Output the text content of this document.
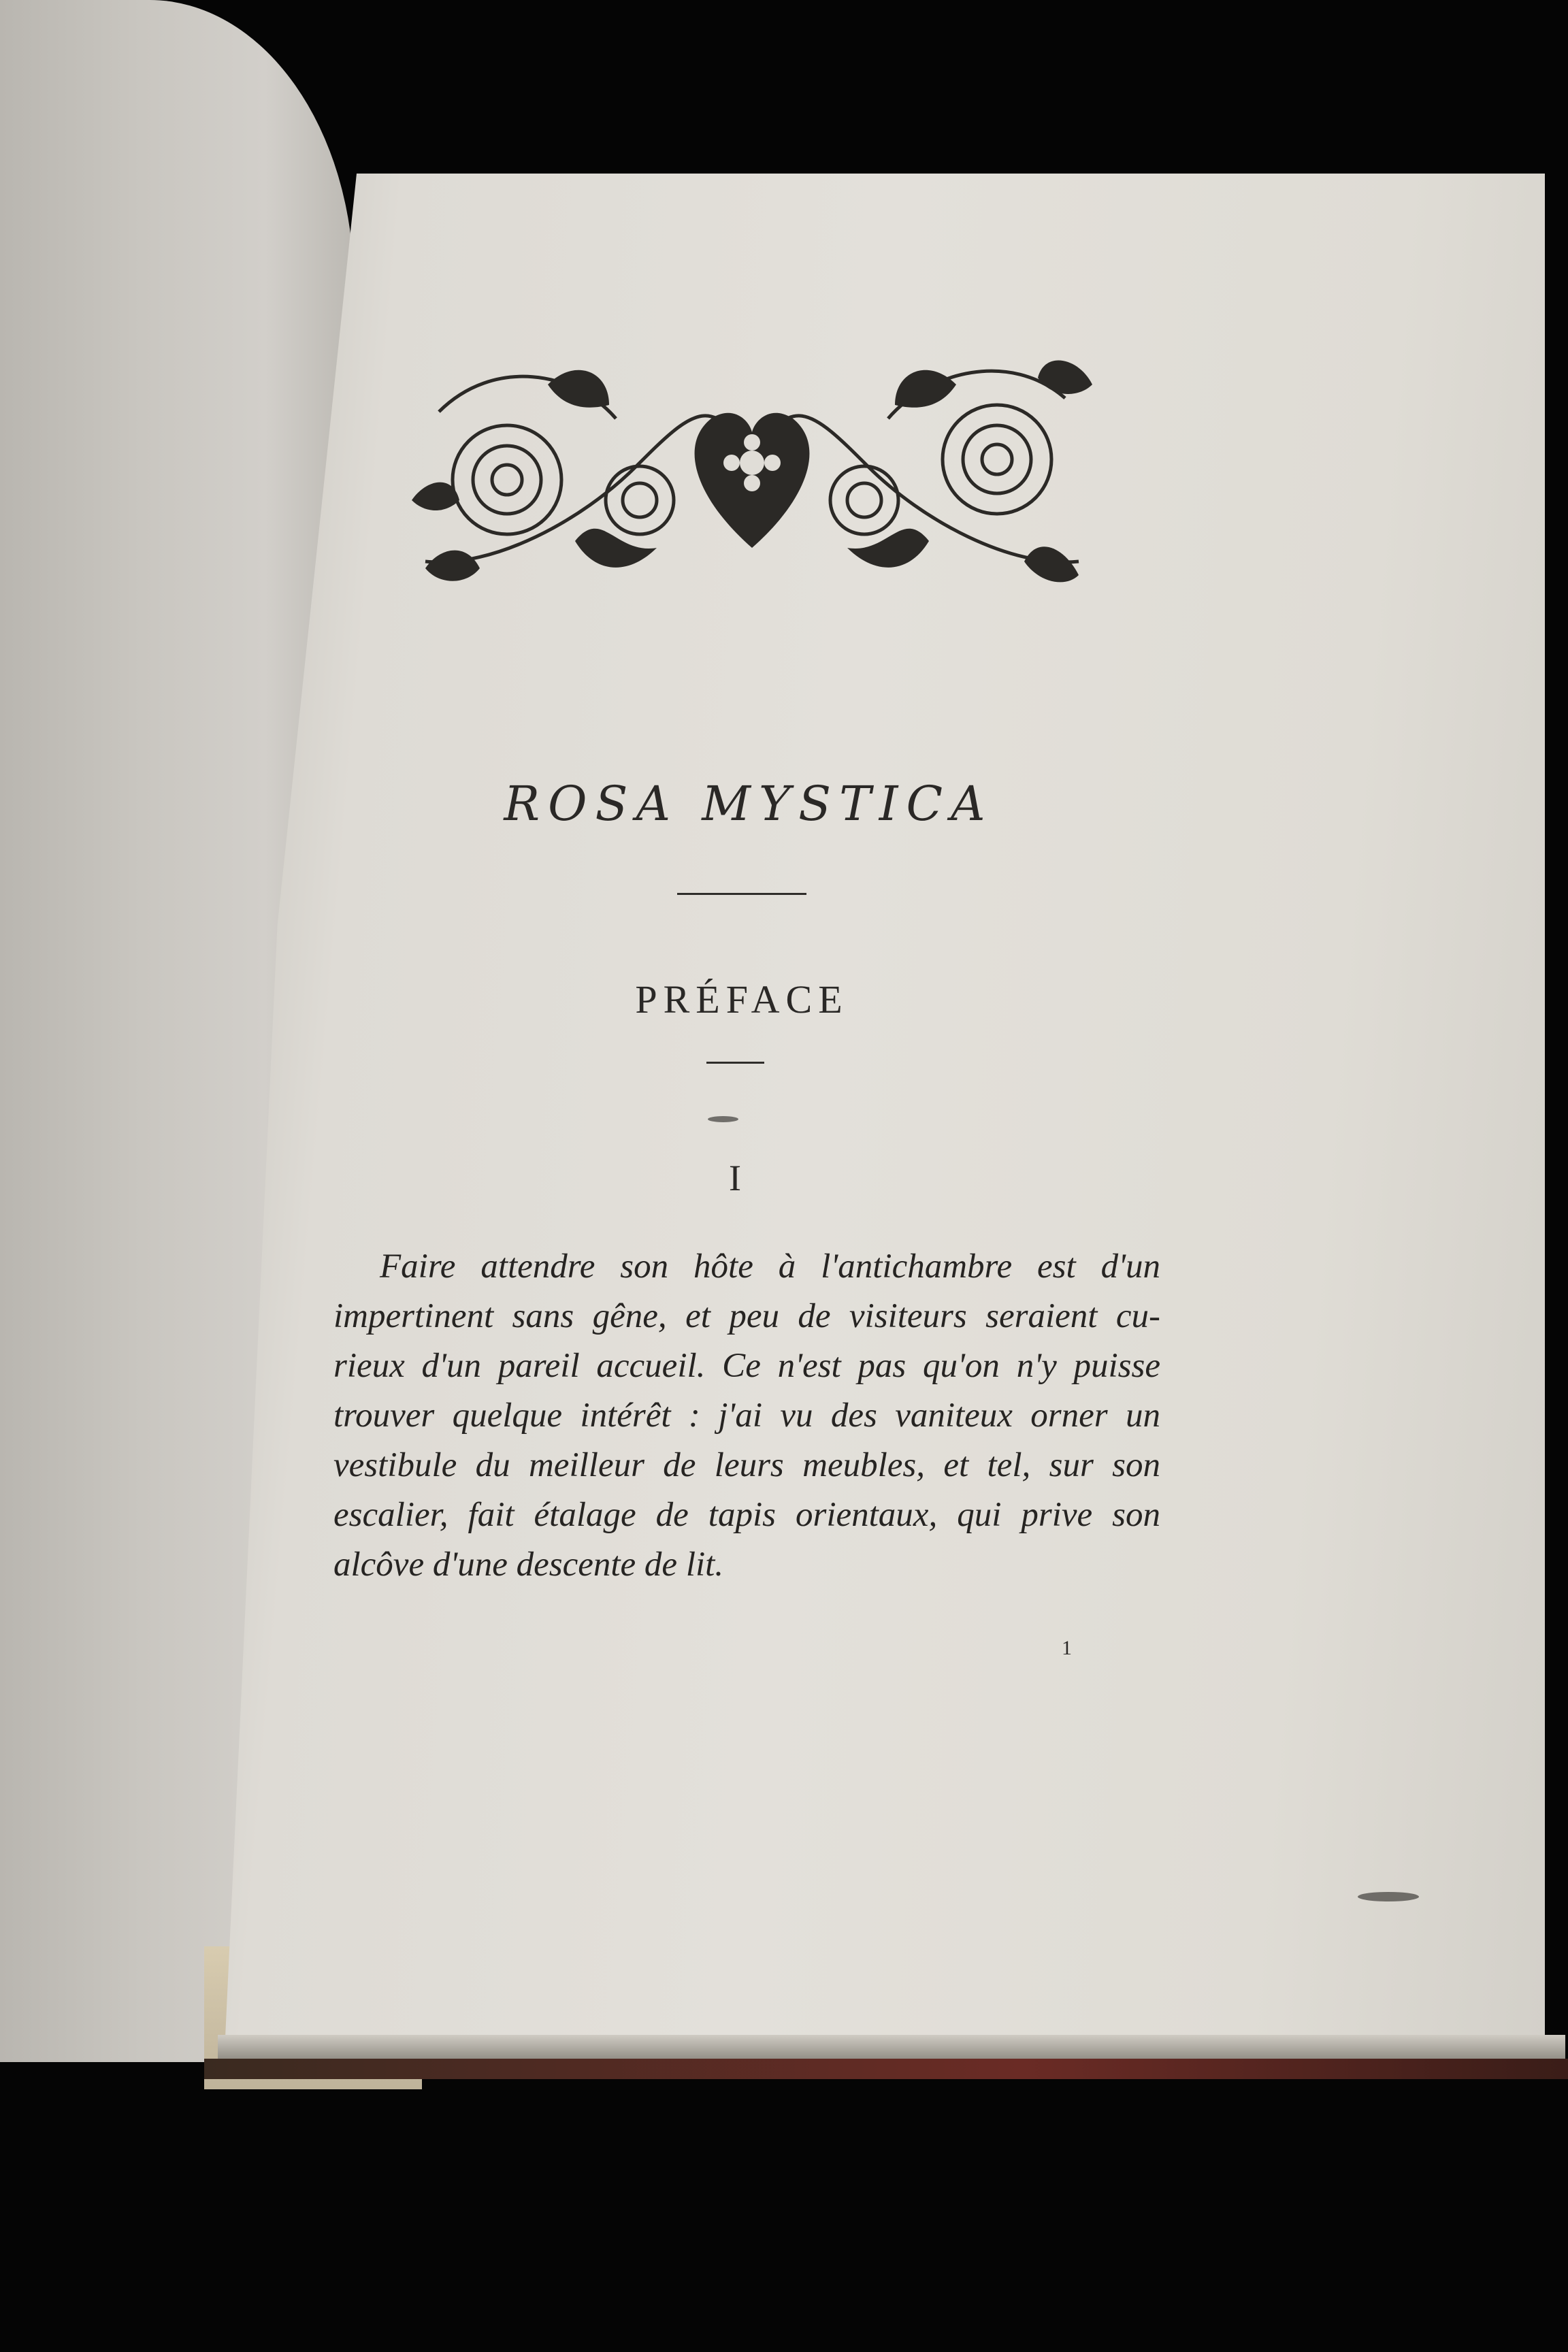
ROSA MYSTICA
PRÉFACE
I
Faire attendre son hôte à l'antichambre est d'un
impertinent sans gêne, et peu de visiteurs seraient cu-
rieux d'un pareil accueil. Ce n'est pas qu'on n'y puisse
trouver quelque intérêt : j'ai vu des vaniteux orner un
vestibule du meilleur de leurs meubles, et tel, sur son
escalier, fait étalage de tapis orientaux, qui prive son
alcôve d'une descente de lit.
1
